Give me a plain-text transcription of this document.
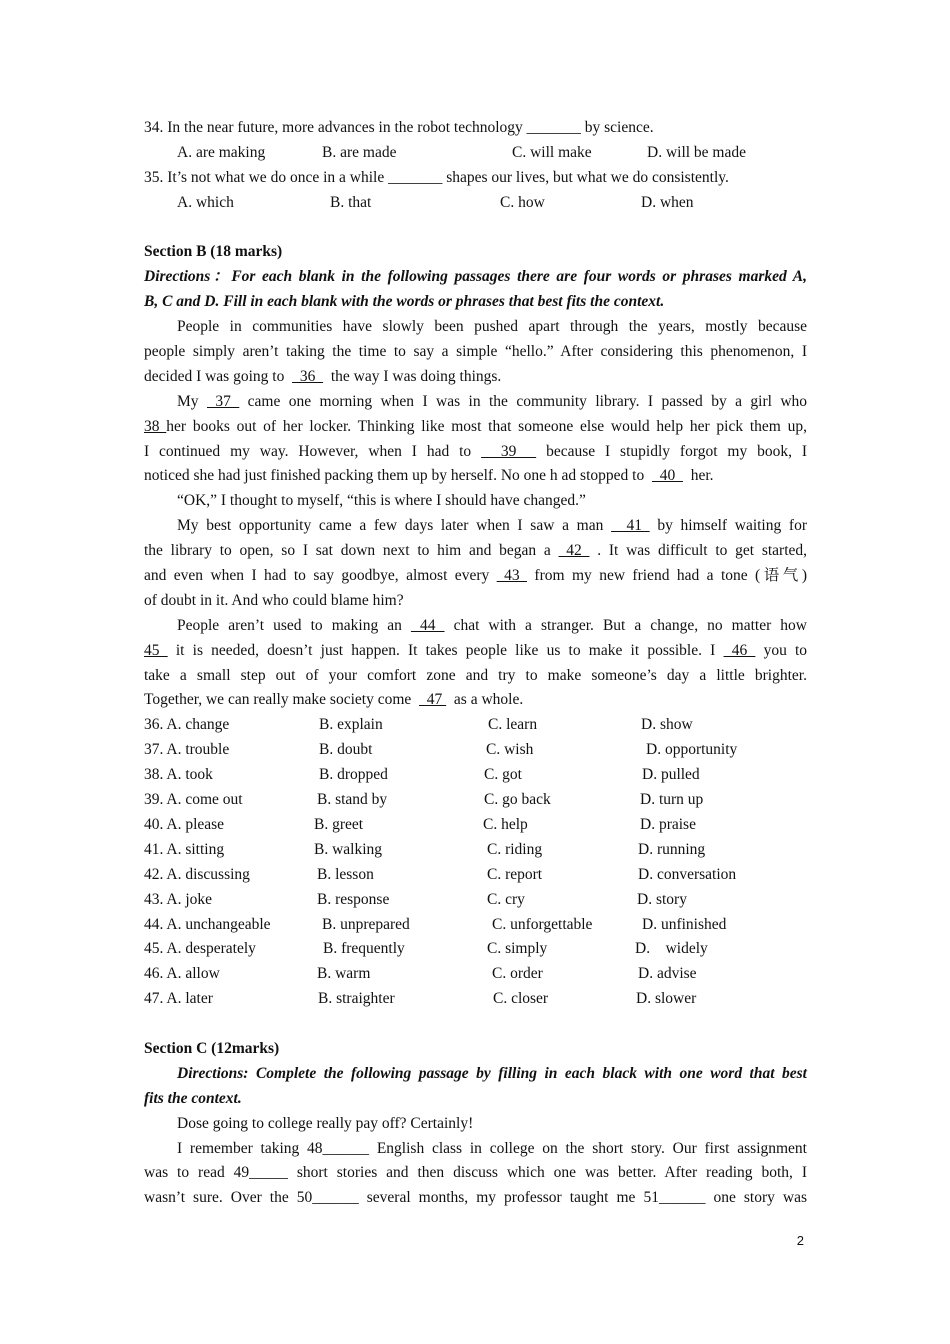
34. In the near future, more advances in the robot technology _______ by science.
A. are making	B. are made	C. will make	D. will be made
35. It’s not what we do once in a while _______ shapes our lives, but what we do consistently.
A. which	B. that	C. how	D. when
Section B (18 marks)
Directions：For each blank in the following passages there are four words or phrases marked A,
B, C and D. Fill in each blank with the words or phrases that best fits the context.
People in communities have slowly been pushed apart through the years, mostly because
people simply aren’t taking the time to say a simple “hello.” After considering this phenomenon, I
decided I was going to    36    the way I was doing things.
My  37  came one morning when I was in the community library. I passed by a girl who
38 her books out of her locker. Thinking like most that someone else would help her pick them up,
I continued my way. However, when I had to   39   because I stupidly forgot my book, I
noticed she had just finished packing them up by herself. No one h ad stopped to    40    her.
“OK,” I thought to myself, “this is where I should have changed.”
My best opportunity came a few days later when I saw a man   41  by himself waiting for
the library to open, so I sat down next to him and began a  42  . It was difficult to get started,
and even when I had to say goodbye, almost every  43  from my new friend had a tone (语气)
of doubt in it. And who could blame him?
People aren’t used to making an  44  chat with a stranger. But a change, no matter how
45  it is needed, doesn’t just happen. It takes people like us to make it possible. I  46  you to
take a small step out of your comfort zone and try to make someone’s day a little brighter.
Together, we can really make society come    47   as a whole.
36. A. change	B. explain	C. learn	D. show
37. A. trouble	B. doubt	C. wish	D. opportunity
38. A. took	B. dropped	C. got	D. pulled
39. A. come out	B. stand by	C. go back	D. turn up
40. A. please	B. greet	C. help	D. praise
41. A. sitting	B. walking	C. riding	D. running
42. A. discussing	B. lesson	C. report	D. conversation
43. A. joke	B. response	C. cry	D. story
44. A. unchangeable	B. unprepared	C. unforgettable	D. unfinished
45. A. desperately	B. frequently	C. simply	D.    widely
46. A. allow	B. warm	C. order	D. advise
47. A. later	B. straighter	C. closer	D. slower
Section C (12marks)
Directions: Complete the following passage by filling in each black with one word that best
fits the context.
Dose going to college really pay off? Certainly!
I remember taking 48______ English class in college on the short story. Our first assignment
was to read 49_____ short stories and then discuss which one was better. After reading both, I
wasn’t sure. Over the 50______ several months, my professor taught me 51______ one story was
2
